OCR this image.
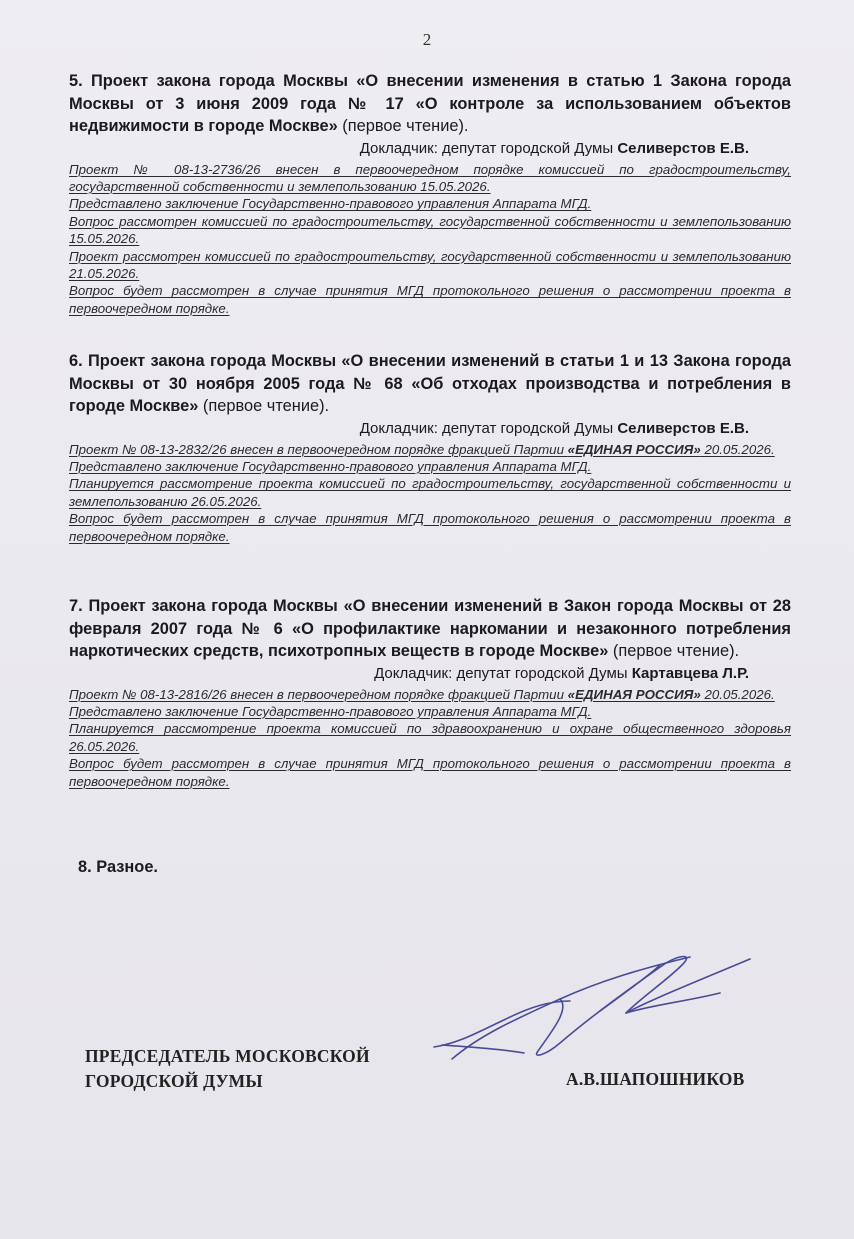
2
5. Проект закона города Москвы «О внесении изменения в статью 1 Закона города Москвы от 3 июня 2009 года № 17 «О контроле за использованием объектов недвижимости в городе Москве» (первое чтение).
Докладчик: депутат городской Думы Селиверстов Е.В.

Проект № 08-13-2736/26 внесен в первоочередном порядке комиссией по градостроительству, государственной собственности и землепользованию 15.05.2026.

Представлено заключение Государственно-правового управления Аппарата МГД.

Вопрос рассмотрен комиссией по градостроительству, государственной собственности и землепользованию 15.05.2026.

Проект рассмотрен комиссией по градостроительству, государственной собственности и землепользованию 21.05.2026.

Вопрос будет рассмотрен в случае принятия МГД протокольного решения о рассмотрении проекта в первоочередном порядке.

6. Проект закона города Москвы «О внесении изменений в статьи 1 и 13 Закона города Москвы от 30 ноября 2005 года № 68 «Об отходах производства и потребления в городе Москве» (первое чтение).
Докладчик: депутат городской Думы Селиверстов Е.В.

Проект № 08-13-2832/26 внесен в первоочередном порядке фракцией Партии «ЕДИНАЯ РОССИЯ» 20.05.2026.

Представлено заключение Государственно-правового управления Аппарата МГД.

Планируется рассмотрение проекта комиссией по градостроительству, государственной собственности и землепользованию 26.05.2026.

Вопрос будет рассмотрен в случае принятия МГД протокольного решения о рассмотрении проекта в первоочередном порядке.

7. Проект закона города Москвы «О внесении изменений в Закон города Москвы от 28 февраля 2007 года № 6 «О профилактике наркомании и незаконного потребления наркотических средств, психотропных веществ в городе Москве» (первое чтение).
Докладчик: депутат городской Думы Картавцева Л.Р.

Проект № 08-13-2816/26 внесен в первоочередном порядке фракцией Партии «ЕДИНАЯ РОССИЯ» 20.05.2026.

Представлено заключение Государственно-правового управления Аппарата МГД.

Планируется рассмотрение проекта комиссией по здравоохранению и охране общественного здоровья 26.05.2026.

Вопрос будет рассмотрен в случае принятия МГД протокольного решения о рассмотрении проекта в первоочередном порядке.

8. Разное.
ПРЕДСЕДАТЕЛЬ МОСКОВСКОЙ
ГОРОДСКОЙ ДУМЫ	А.В.ШАПОШНИКОВ
